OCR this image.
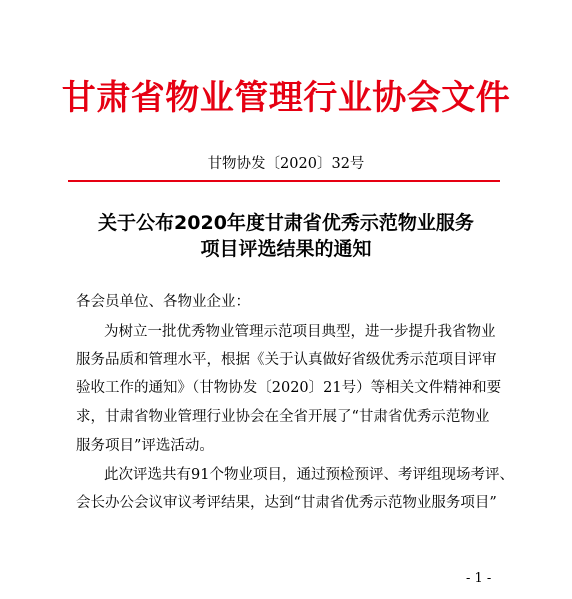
甘肃省物业管理行业协会文件
甘物协发〔2020〕32号
关于公布2020年度甘肃省优秀示范物业服务
项目评选结果的通知
各会员单位、各物业企业：
为树立一批优秀物业管理示范项目典型，进一步提升我省物业
服务品质和管理水平，根据《关于认真做好省级优秀示范项目评审
验收工作的通知》（甘物协发〔2020〕21号）等相关文件精神和要
求，甘肃省物业管理行业协会在全省开展了“甘肃省优秀示范物业
服务项目”评选活动。
此次评选共有91个物业项目，通过预检预评、考评组现场考评、
会长办公会议审议考评结果，达到“甘肃省优秀示范物业服务项目”
- 1 -
